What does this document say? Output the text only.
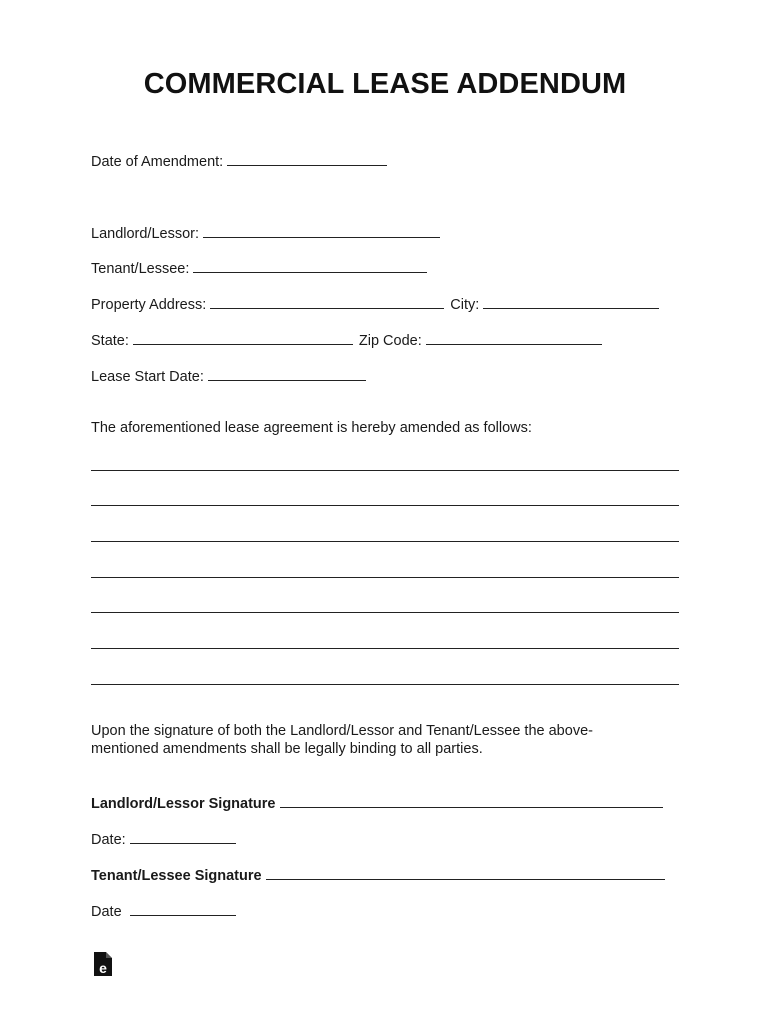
COMMERCIAL LEASE ADDENDUM
Date of Amendment:
Landlord/Lessor:
Tenant/Lessee:
Property Address:	City:
State:	Zip Code:
Lease Start Date:
The aforementioned lease agreement is hereby amended as follows:
Upon the signature of both the Landlord/Lessor and Tenant/Lessee the above-mentioned amendments shall be legally binding to all parties.
Landlord/Lessor Signature
Date:
Tenant/Lessee Signature
Date
e
